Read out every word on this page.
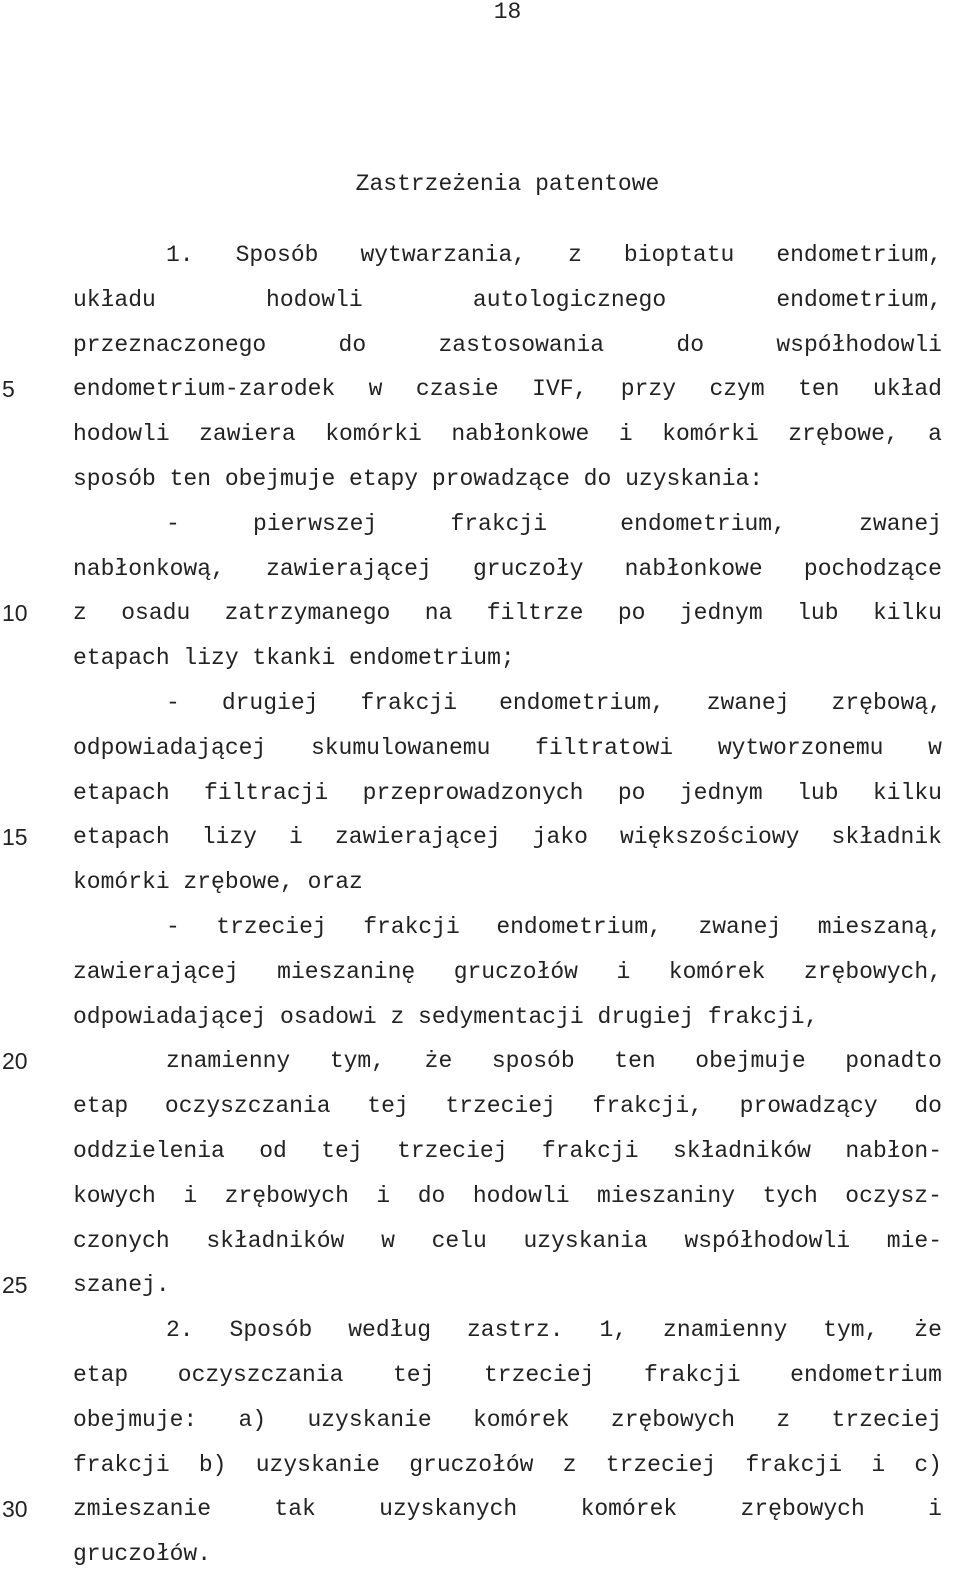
18
Zastrzeżenia patentowe
5
10
15
20
25
30
1. Sposób wytwarzania, z bioptatu endometrium,
układu	hodowli	autologicznego	endometrium,
przeznaczonego	do	zastosowania	do	współhodowli
endometrium-zarodek w czasie IVF, przy czym ten układ
hodowli zawiera komórki nabłonkowe i komórki zrębowe, a
sposób ten obejmuje etapy prowadzące do uzyskania:
-	pierwszej	frakcji	endometrium,	zwanej
nabłonkową, zawierającej gruczoły nabłonkowe pochodzące
z osadu zatrzymanego na filtrze po jednym lub kilku
etapach lizy tkanki endometrium;
- drugiej frakcji endometrium, zwanej zrębową,
odpowiadającej skumulowanemu filtratowi wytworzonemu w
etapach filtracji przeprowadzonych po jednym lub kilku
etapach lizy i zawierającej jako większościowy składnik
komórki zrębowe, oraz
- trzeciej frakcji endometrium, zwanej mieszaną,
zawierającej mieszaninę gruczołów i komórek zrębowych,
odpowiadającej osadowi z sedymentacji drugiej frakcji,
znamienny tym, że sposób ten obejmuje ponadto
etap oczyszczania tej trzeciej frakcji, prowadzący do
oddzielenia od tej trzeciej frakcji składników nabłon-
kowych i zrębowych i do hodowli mieszaniny tych oczysz-
czonych składników w celu uzyskania współhodowli mie-
szanej.
2. Sposób według zastrz. 1, znamienny tym, że
etap oczyszczania tej trzeciej frakcji endometrium
obejmuje: a) uzyskanie komórek zrębowych z trzeciej
frakcji b) uzyskanie gruczołów z trzeciej frakcji i c)
zmieszanie	tak	uzyskanych	komórek	zrębowych	i
gruczołów.
